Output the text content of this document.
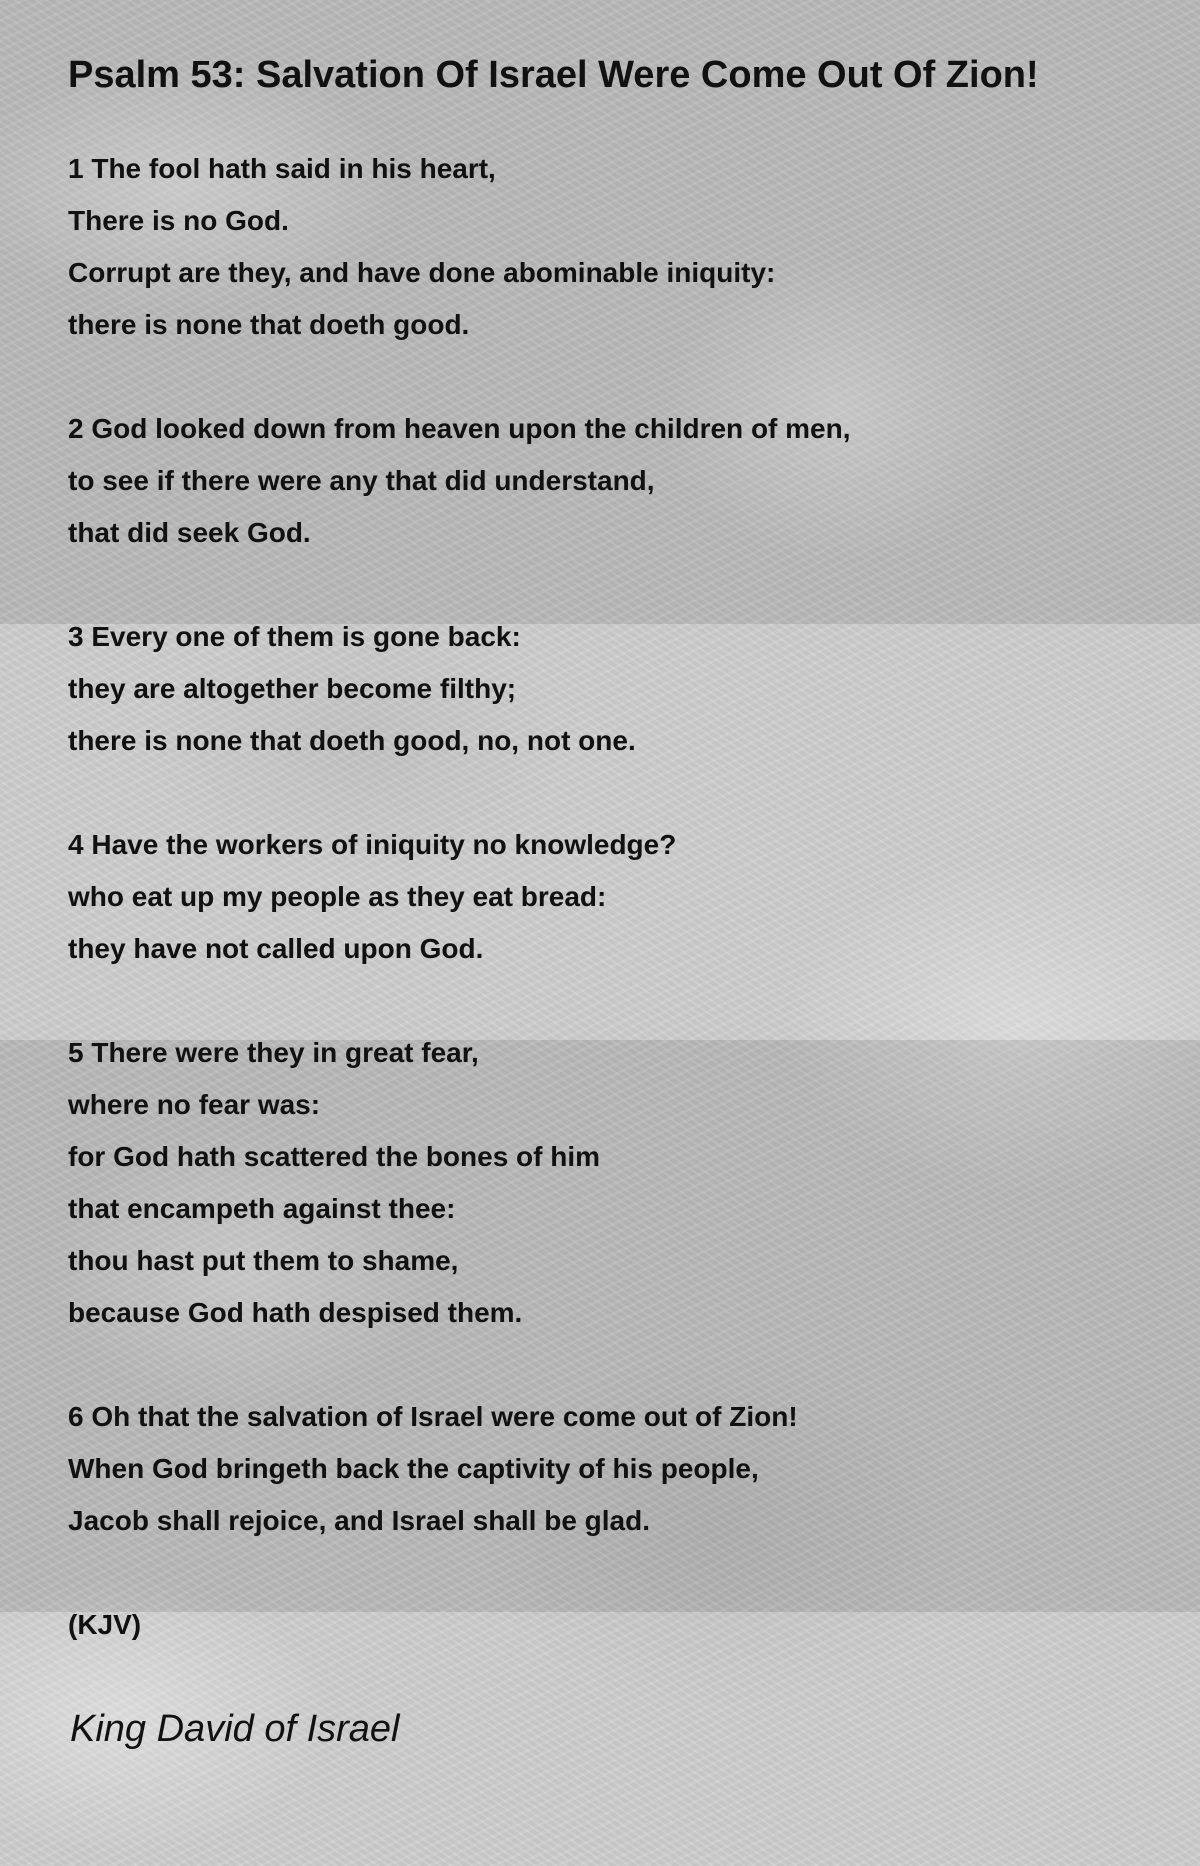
Psalm 53: Salvation Of Israel Were Come Out Of Zion!
1 The fool hath said in his heart,
There is no God.
Corrupt are they, and have done abominable iniquity:
there is none that doeth good.
2 God looked down from heaven upon the children of men,
to see if there were any that did understand,
that did seek God.
3 Every one of them is gone back:
they are altogether become filthy;
there is none that doeth good, no, not one.
4 Have the workers of iniquity no knowledge?
who eat up my people as they eat bread:
they have not called upon God.
5 There were they in great fear,
where no fear was:
for God hath scattered the bones of him
that encampeth against thee:
thou hast put them to shame,
because God hath despised them.
6 Oh that the salvation of Israel were come out of Zion!
When God bringeth back the captivity of his people,
Jacob shall rejoice, and Israel shall be glad.
(KJV)
King David of Israel
